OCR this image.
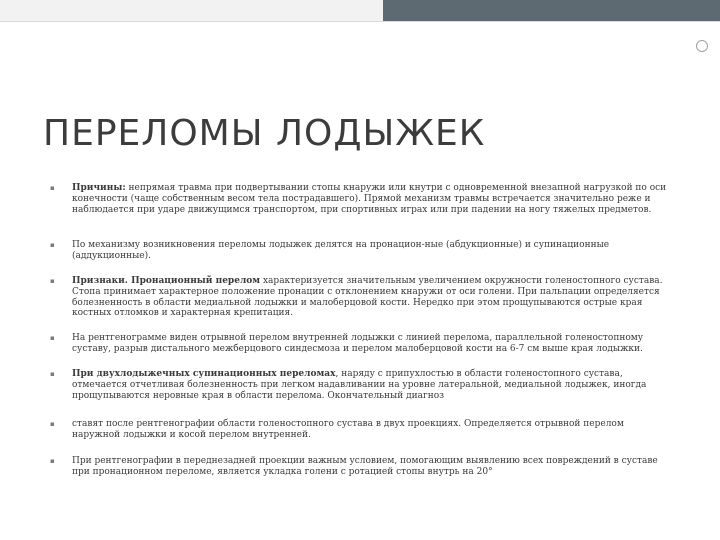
ПЕРЕЛОМЫ ЛОДЫЖЕК
▪	Причины: непрямая травма при подвертывании стопы кнаружи или кнутри с одновременной внезапной нагрузкой по оси конечности (чаще собственным весом тела пострадавшего). Прямой механизм травмы встречается значительно реже и наблюдается при ударе движущимся транспортом, при спортивных играх или при падении на ногу тяжелых предметов.
▪	По механизму возникновения переломы лодыжек делятся на пронацион-ные (абдукционные) и супинационные (аддукционные).
▪	Признаки. Пронационный перелом характеризуется значительным увеличением окружности голеностопного сустава. Стопа принимает характерное положение пронации с отклонением кнаружи от оси голени. При пальпации определяется болезненность в области медиальной лодыжки и малоберцовой кости. Нередко при этом прощупываются острые края костных отломков и характерная крепитация.
▪	На рентгенограмме виден отрывной перелом внутренней лодыжки с линией перелома, параллельной голеностопному суставу, разрыв дистального межберцового синдесмоза и перелом малоберцовой кости на 6-7 см выше края лодыжки.
▪	При двухлодыжечных супинационных переломах, наряду с припухлостью в области голеностопного сустава, отмечается отчетливая болезненность при легком надавливании на уровне латеральной, медиальной лодыжек, иногда прощупываются неровные края в области перелома. Окончательный диагноз
▪	ставят после рентгенографии области голеностопного сустава в двух проекциях. Определяется отрывной перелом наружной лодыжки и косой перелом внутренней.
▪	При рентгенографии в переднезадней проекции важным условием, помогающим выявлению всех повреждений в суставе при пронационном переломе, является укладка голени с ротацией стопы внутрь на 20°
